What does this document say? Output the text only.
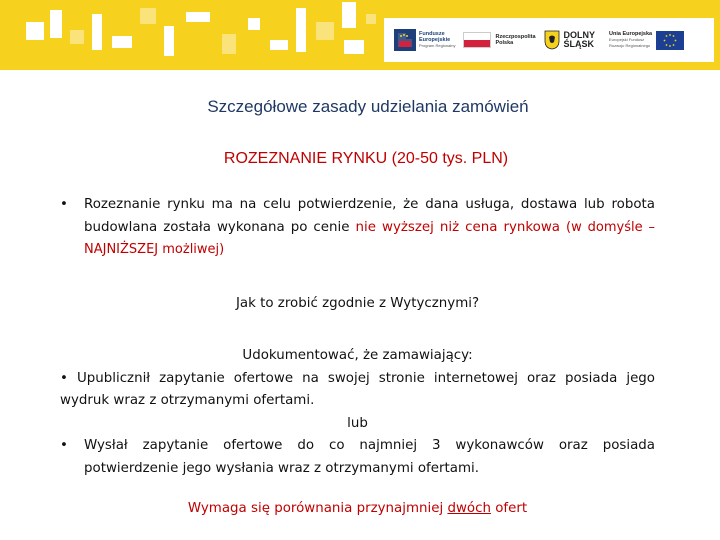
Fundusze
Europejskie
Program Regionalny
Rzeczpospolita
Polska
DOLNY
ŚLĄSK
Unia Europejska
Europejski Fundusz
Rozwoju Regionalnego
Szczegółowe zasady udzielania zamówień
ROZEZNANIE RYNKU (20-50 tys. PLN)
•	Rozeznanie rynku ma na celu potwierdzenie, że dana usługa, dostawa lub robota budowlana została wykonana po cenie nie wyższej niż cena rynkowa (w domyśle – NAJNIŻSZEJ możliwej)
Jak to zrobić zgodnie z Wytycznymi?
Udokumentować, że zamawiający:
• Upublicznił zapytanie ofertowe na swojej stronie internetowej oraz posiada jego wydruk wraz z otrzymanymi ofertami.
lub
•	Wysłał zapytanie ofertowe do co najmniej 3 wykonawców oraz posiada potwierdzenie jego wysłania wraz z otrzymanymi ofertami.
Wymaga się porównania przynajmniej dwóch ofert
